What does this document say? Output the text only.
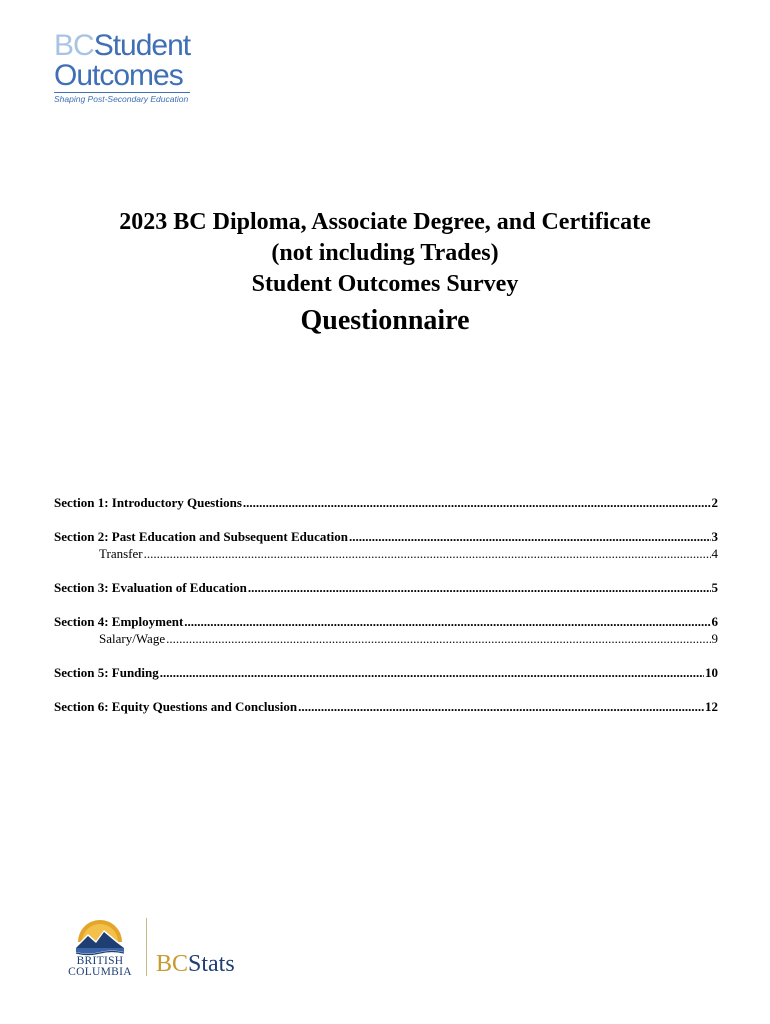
BC Student
Outcomes
Shaping Post-Secondary Education
2023 BC Diploma, Associate Degree, and Certificate
(not including Trades)
Student Outcomes Survey
Questionnaire
Section 1: Introductory Questions .....	2
Section 2: Past Education and Subsequent Education .....	3
Transfer .....	4
Section 3: Evaluation of Education .....	5
Section 4: Employment .....	6
Salary/Wage .....	9
Section 5: Funding .....	10
Section 6: Equity Questions and Conclusion .....	12
BRITISH
COLUMBIA BCStats
